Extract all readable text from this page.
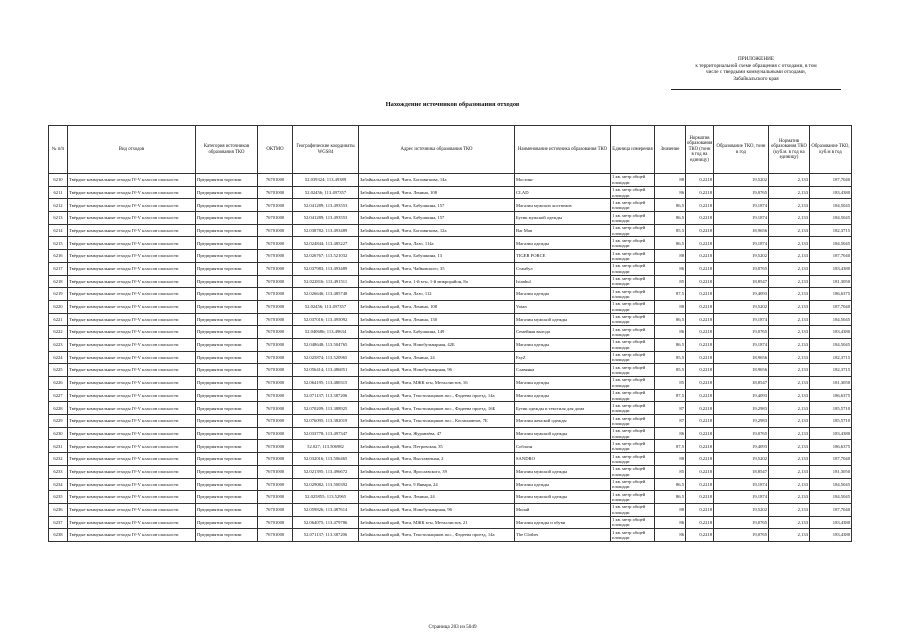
ПРИЛОЖЕНИЕ
к территориальной схеме обращения с отходами, в том
числе с твердыми коммунальными отходами,
Забайкальского края
Нахождение источников образования отходов
№ п/п	Вид отходов	Категория источников образования ТКО	ОКТМО	Географические координаты WGS84	Адрес источника образования ТКО	Наименование источника образования ТКО	Единица измерения	Значение	Норматив образования ТКО (тонн в год на единицу)	Образование ТКО, тонн в год	Норматив образования ТКО (куб.м. в год на единицу)	Образование ТКО, куб.м в год
6210	Твёрдые коммунальные отходы IV-V классов опасности	Предприятия торговли	76701000	52.039324; 113.49389	Забайкальский край, Чита, Богомягкова, 14а	Мостинг	1 кв. метр общей площади	88	0,2218	19,5202	2,133	187,7040
6211	Твёрдые коммунальные отходы IV-V классов опасности	Предприятия торговли	76701000	52.02456; 113.497357	Забайкальский край, Чита, Ленина, 108	CLAD	1 кв. метр общей площади	86	0,2218	19,0765	2,133	183,4380
6212	Твёрдые коммунальные отходы IV-V классов опасности	Предприятия торговли	76701000	52.041289; 113.493553	Забайкальский край, Чита, Бабушкина, 157	Магазин мужских костюмов	1 кв. метр общей площади	86,5	0,2218	19,1874	2,133	184,5045
6213	Твёрдые коммунальные отходы IV-V классов опасности	Предприятия торговли	76701000	52.041289; 113.493553	Забайкальский край, Чита, Бабушкина, 157	Бутик мужской одежды	1 кв. метр общей площади	86,5	0,2218	19,1874	2,133	184,5045
6214	Твёрдые коммунальные отходы IV-V классов опасности	Предприятия торговли	76701000	52.038782; 113.493489	Забайкальский край, Чита, Богомягкова, 12а	Bar Man	1 кв. метр общей площади	85,5	0,2218	18,9656	2,133	182,3715
6215	Твёрдые коммунальные отходы IV-V классов опасности	Предприятия торговли	76701000	52.024844; 113.485227	Забайкальский край, Чита, Лазо, 114а	Магазин одежды	1 кв. метр общей площади	86,5	0,2218	19,1874	2,133	184,5045
6216	Твёрдые коммунальные отходы IV-V классов опасности	Предприятия торговли	76701000	52.026767; 113.521032	Забайкальский край, Чита, Бабушкина, 13	TIGER FORCE	1 кв. метр общей площади	88	0,2218	19,5202	2,133	187,7040
6217	Твёрдые коммунальные отходы IV-V классов опасности	Предприятия торговли	76701000	52.037983; 113.493489	Забайкальский край, Чита, Чайковского, 35	Стамбул	1 кв. метр общей площади	86	0,2218	19,0765	2,133	183,4380
6218	Твёрдые коммунальные отходы IV-V классов опасности	Предприятия торговли	76701000	52.022816; 113.491511	Забайкальский край, Чита, 1-й м-н, 1-й микрорайон, 8а	Istanbul	1 кв. метр общей площади	85	0,2218	18,8547	2,133	181,3050
6219	Твёрдые коммунальные отходы IV-V классов опасности	Предприятия торговли	76701000	52.026646; 113.485748	Забайкальский край, Чита, Лазо, 112	Магазин одежды	1 кв. метр общей площади	87,5	0,2218	19,4093	2,133	186,6375
6220	Твёрдые коммунальные отходы IV-V классов опасности	Предприятия торговли	76701000	52.02456; 113.497357	Забайкальский край, Чита, Ленина, 108	Votan	1 кв. метр общей площади	88	0,2218	19,5202	2,133	187,7040
6221	Твёрдые коммунальные отходы IV-V классов опасности	Предприятия торговли	76701000	52.037016; 113.495092	Забайкальский край, Чита, Ленина, 130	Магазин мужской одежды	1 кв. метр общей площади	86,5	0,2218	19,1874	2,133	184,5045
6222	Твёрдые коммунальные отходы IV-V классов опасности	Предприятия торговли	76701000	52.040686; 113.49634	Забайкальский край, Чита, Бабушкина, 149	Семейная выгода	1 кв. метр общей площади	86	0,2218	19,0765	2,133	183,4380
6223	Твёрдые коммунальные отходы IV-V классов опасности	Предприятия торговли	76701000	52.048648; 113.504765	Забайкальский край, Чита, Новобульварная, 42Б	Магазин одежды	1 кв. метр общей площади	86,5	0,2218	19,1874	2,133	184,5045
6224	Твёрдые коммунальные отходы IV-V классов опасности	Предприятия торговли	76701000	52.025874; 113.520965	Забайкальский край, Чита, Ленина, 24	FayZ	1 кв. метр общей площади	85,5	0,2218	18,9656	2,133	182,3715
6225	Твёрдые коммунальные отходы IV-V классов опасности	Предприятия торговли	76701000	52.056414; 113.486851	Забайкальский край, Чита, Новобульварная, 96	Славянка	1 кв. метр общей площади	85,5	0,2218	18,9656	2,133	182,3715
6226	Твёрдые коммунальные отходы IV-V классов опасности	Предприятия торговли	76701000	52.064195; 113.480315	Забайкальский край, Чита, МЖК м-н, Металлистов, 16	Магазин одежды	1 кв. метр общей площади	85	0,2218	18,8547	2,133	181,3050
6227	Твёрдые коммунальные отходы IV-V классов опасности	Предприятия торговли	76701000	52.071137; 113.387206	Забайкальский край, Чита, Текстильщиков пос., Фадеева проезд, 14а	Магазин одежды	1 кв. метр общей площади	87,5	0,2218	19,4093	2,133	186,6375
6228	Твёрдые коммунальные отходы IV-V классов опасности	Предприятия торговли	76701000	52.070209; 113.388925	Забайкальский край, Чита, Текстильщиков пос., Фадеева проезд, 16Б	Бутик одежды и текстиля для дома	1 кв. метр общей площади	87	0,2218	19,2983	2,133	185,5710
6229	Твёрдые коммунальные отходы IV-V классов опасности	Предприятия торговли	76701000	52.076095; 113.382019	Забайкальский край, Чита, Текстильщиков пос., Космонавтов, 7Б	Магазин женской одежды	1 кв. метр общей площади	87	0,2218	19,2983	2,133	185,5710
6230	Твёрдые коммунальные отходы IV-V классов опасности	Предприятия торговли	76701000	52.033778; 113.497347	Забайкальский край, Чита, Журавлёва, 47	Магазин мужской одежды	1 кв. метр общей площади	86	0,2218	19,0765	2,133	183,4380
6231	Твёрдые коммунальные отходы IV-V классов опасности	Предприятия торговли	76701000	52.027; 113.506982	Забайкальский край, Чита, Петровская, 35	Соблазн	1 кв. метр общей площади	87,5	0,2218	19,4093	2,133	186,6375
6232	Твёрдые коммунальные отходы IV-V классов опасности	Предприятия торговли	76701000	52.032016; 113.506465	Забайкальский край, Чита, Выставочная, 2	SANDRO	1 кв. метр общей площади	88	0,2218	19,5202	2,133	187,7040
6233	Твёрдые коммунальные отходы IV-V классов опасности	Предприятия торговли	76701000	52.021395; 113.496672	Забайкальский край, Чита, Ярославского, 39	Магазин мужской одежды	1 кв. метр общей площади	85	0,2218	18,8547	2,133	181,3050
6234	Твёрдые коммунальные отходы IV-V классов опасности	Предприятия торговли	76701000	52.029082; 113.500392	Забайкальский край, Чита, 9 Января, 24	Магазин одежды	1 кв. метр общей площади	86,5	0,2218	19,1874	2,133	184,5045
6235	Твёрдые коммунальные отходы IV-V классов опасности	Предприятия торговли	76701000	52.025855; 113.52965	Забайкальский край, Чита, Ленина, 24	Магазин мужской одежды	1 кв. метр общей площади	86,5	0,2218	19,1874	2,133	184,5045
6236	Твёрдые коммунальные отходы IV-V классов опасности	Предприятия торговли	76701000	52.059826; 113.487614	Забайкальский край, Чита, Новобульварная, 96	Милай	1 кв. метр общей площади	88	0,2218	19,5202	2,133	187,7040
6237	Твёрдые коммунальные отходы IV-V классов опасности	Предприятия торговли	76701000	52.064075; 113.479786	Забайкальский край, Чита, МЖК м-н, Металлистов, 21	Магазин одежды и обуви	1 кв. метр общей площади	86	0,2218	19,0765	2,133	183,4380
6238	Твёрдые коммунальные отходы IV-V классов опасности	Предприятия торговли	76701000	52.071137; 113.387206	Забайкальский край, Чита, Текстильщиков пос., Фадеева проезд, 14а	The Clothes	1 кв. метр общей площади	86	0,2218	19,0765	2,133	183,4380
Страница 203 из 5049
